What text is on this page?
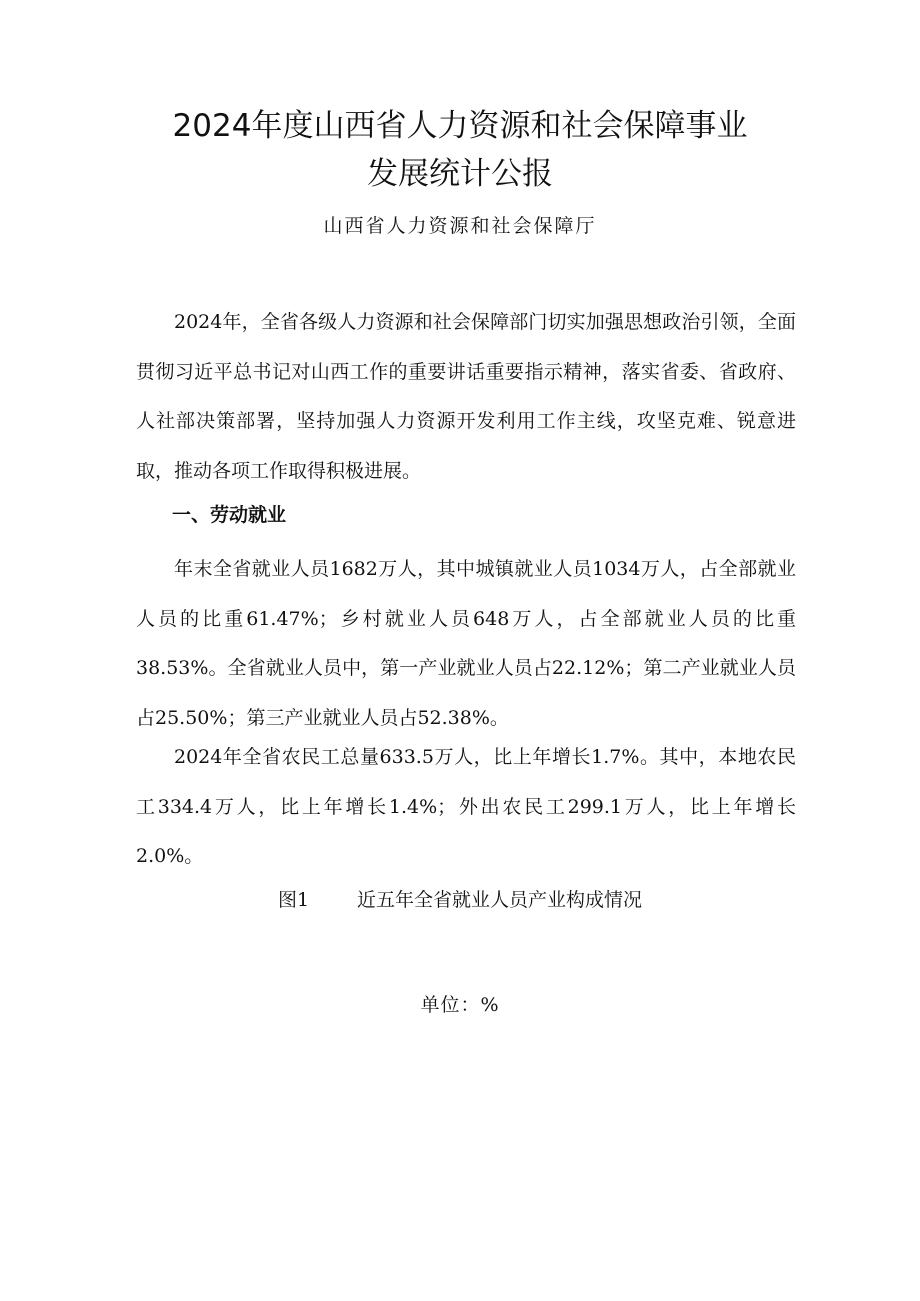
2024年度山西省人力资源和社会保障事业
发展统计公报
山西省人力资源和社会保障厅

2024年，全省各级人力资源和社会保障部门切实加强思想政治引领，全面贯彻习近平总书记对山西工作的重要讲话重要指示精神，落实省委、省政府、人社部决策部署，坚持加强人力资源开发利用工作主线，攻坚克难、锐意进取，推动各项工作取得积极进展。

一、劳动就业

年末全省就业人员1682万人，其中城镇就业人员1034万人，占全部就业人员的比重61.47%；乡村就业人员648万人，占全部就业人员的比重38.53%。全省就业人员中，第一产业就业人员占22.12%；第二产业就业人员占25.50%；第三产业就业人员占52.38%。

2024年全省农民工总量633.5万人，比上年增长1.7%。其中，本地农民工334.4万人，比上年增长1.4%；外出农民工299.1万人，比上年增长2.0%。

图1	近五年全省就业人员产业构成情况
单位：%
